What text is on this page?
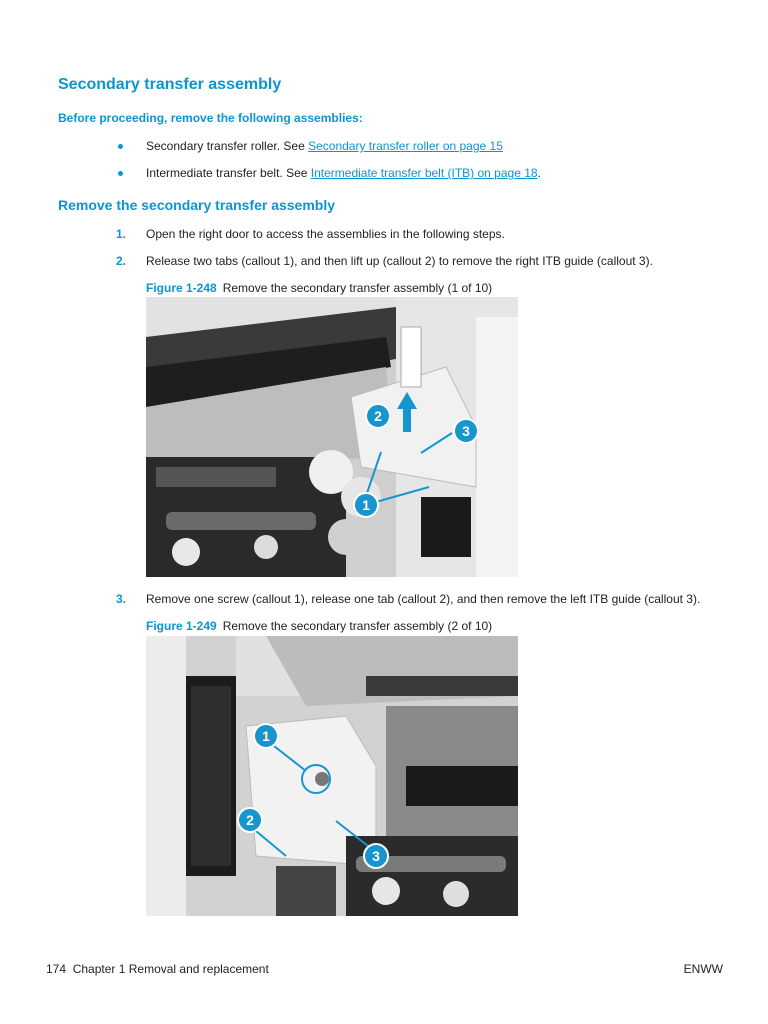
Secondary transfer assembly
Before proceeding, remove the following assemblies:
Secondary transfer roller. See Secondary transfer roller on page 15
Intermediate transfer belt. See Intermediate transfer belt (ITB) on page 18.
Remove the secondary transfer assembly
1. Open the right door to access the assemblies in the following steps.
2. Release two tabs (callout 1), and then lift up (callout 2) to remove the right ITB guide (callout 3).
Figure 1-248 Remove the secondary transfer assembly (1 of 10)
1
2
3
3. Remove one screw (callout 1), release one tab (callout 2), and then remove the left ITB guide (callout 3).
Figure 1-249 Remove the secondary transfer assembly (2 of 10)
1
2
3
174 Chapter 1 Removal and replacement	ENWW
